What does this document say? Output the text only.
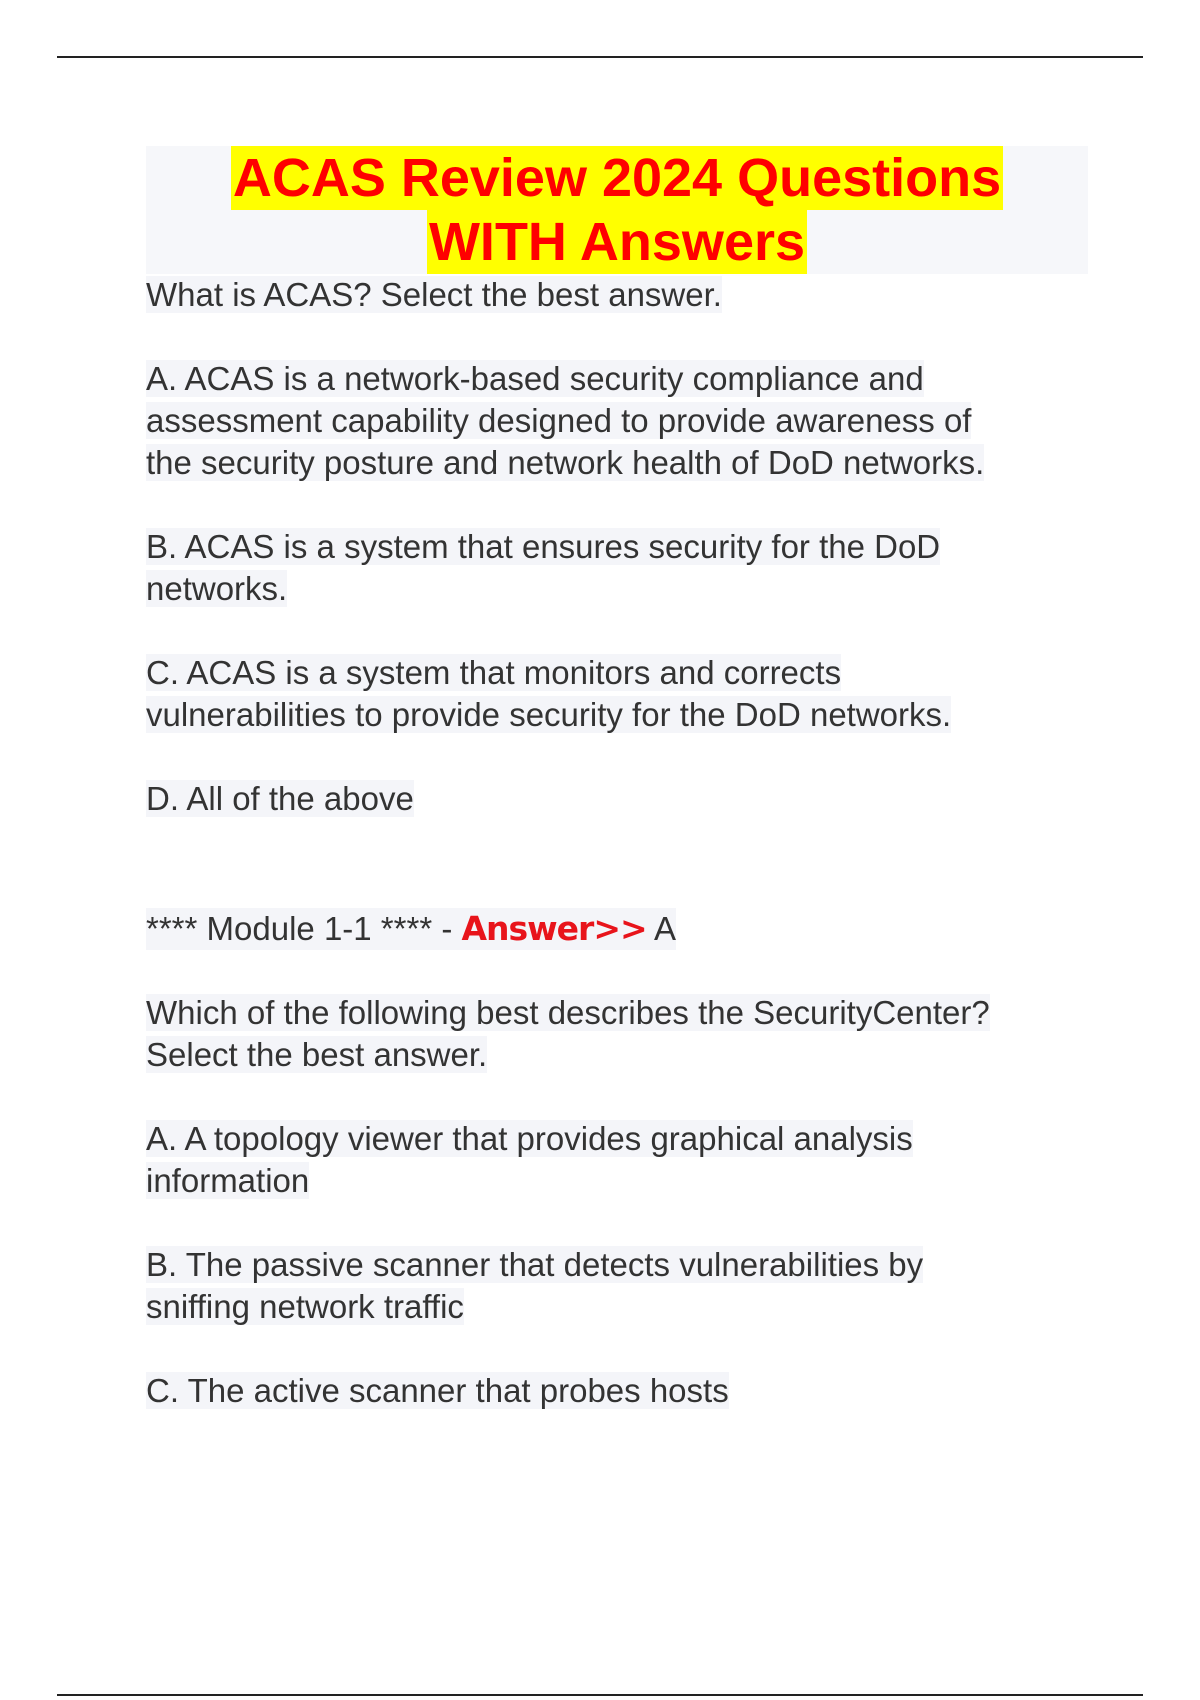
ACAS Review 2024 Questions
WITH Answers

What is ACAS? Select the best answer.

A. ACAS is a network-based security compliance and
assessment capability designed to provide awareness of
the security posture and network health of DoD networks.

B. ACAS is a system that ensures security for the DoD
networks.

C. ACAS is a system that monitors and corrects
vulnerabilities to provide security for the DoD networks.

D. All of the above

**** Module 1-1 **** - Answer>> A

Which of the following best describes the SecurityCenter?
Select the best answer.

A. A topology viewer that provides graphical analysis
information

B. The passive scanner that detects vulnerabilities by
sniffing network traffic

C. The active scanner that probes hosts
